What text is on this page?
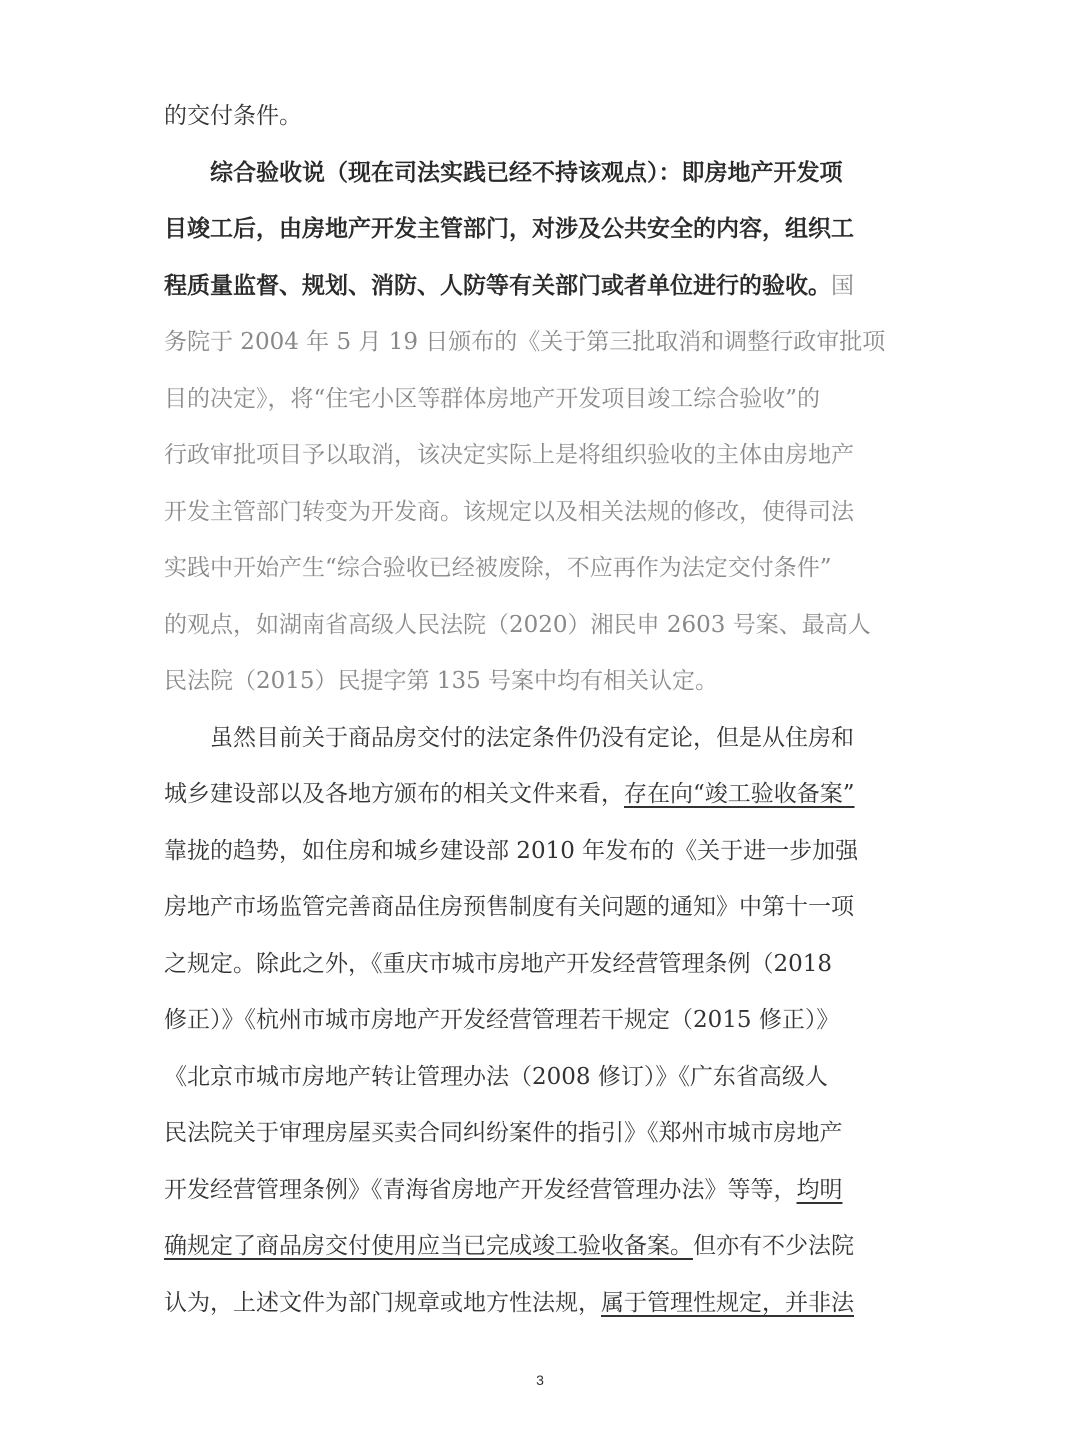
的交付条件。
　　综合验收说（现在司法实践已经不持该观点）：即房地产开发项
目竣工后，由房地产开发主管部门，对涉及公共安全的内容，组织工
程质量监督、规划、消防、人防等有关部门或者单位进行的验收。国
务院于 2004 年 5 月 19 日颁布的《关于第三批取消和调整行政审批项
目的决定》，将“住宅小区等群体房地产开发项目竣工综合验收”的
行政审批项目予以取消，该决定实际上是将组织验收的主体由房地产
开发主管部门转变为开发商。该规定以及相关法规的修改，使得司法
实践中开始产生“综合验收已经被废除，不应再作为法定交付条件”
的观点，如湖南省高级人民法院（2020）湘民申 2603 号案、最高人
民法院（2015）民提字第 135 号案中均有相关认定。
　　虽然目前关于商品房交付的法定条件仍没有定论，但是从住房和
城乡建设部以及各地方颁布的相关文件来看，存在向“竣工验收备案”
靠拢的趋势，如住房和城乡建设部 2010 年发布的《关于进一步加强
房地产市场监管完善商品住房预售制度有关问题的通知》中第十一项
之规定。除此之外，《重庆市城市房地产开发经营管理条例（2018
修正）》《杭州市城市房地产开发经营管理若干规定（2015 修正）》
《北京市城市房地产转让管理办法（2008 修订）》《广东省高级人
民法院关于审理房屋买卖合同纠纷案件的指引》《郑州市城市房地产
开发经营管理条例》《青海省房地产开发经营管理办法》等等，均明
确规定了商品房交付使用应当已完成竣工验收备案。但亦有不少法院
认为，上述文件为部门规章或地方性法规，属于管理性规定，并非法
3
